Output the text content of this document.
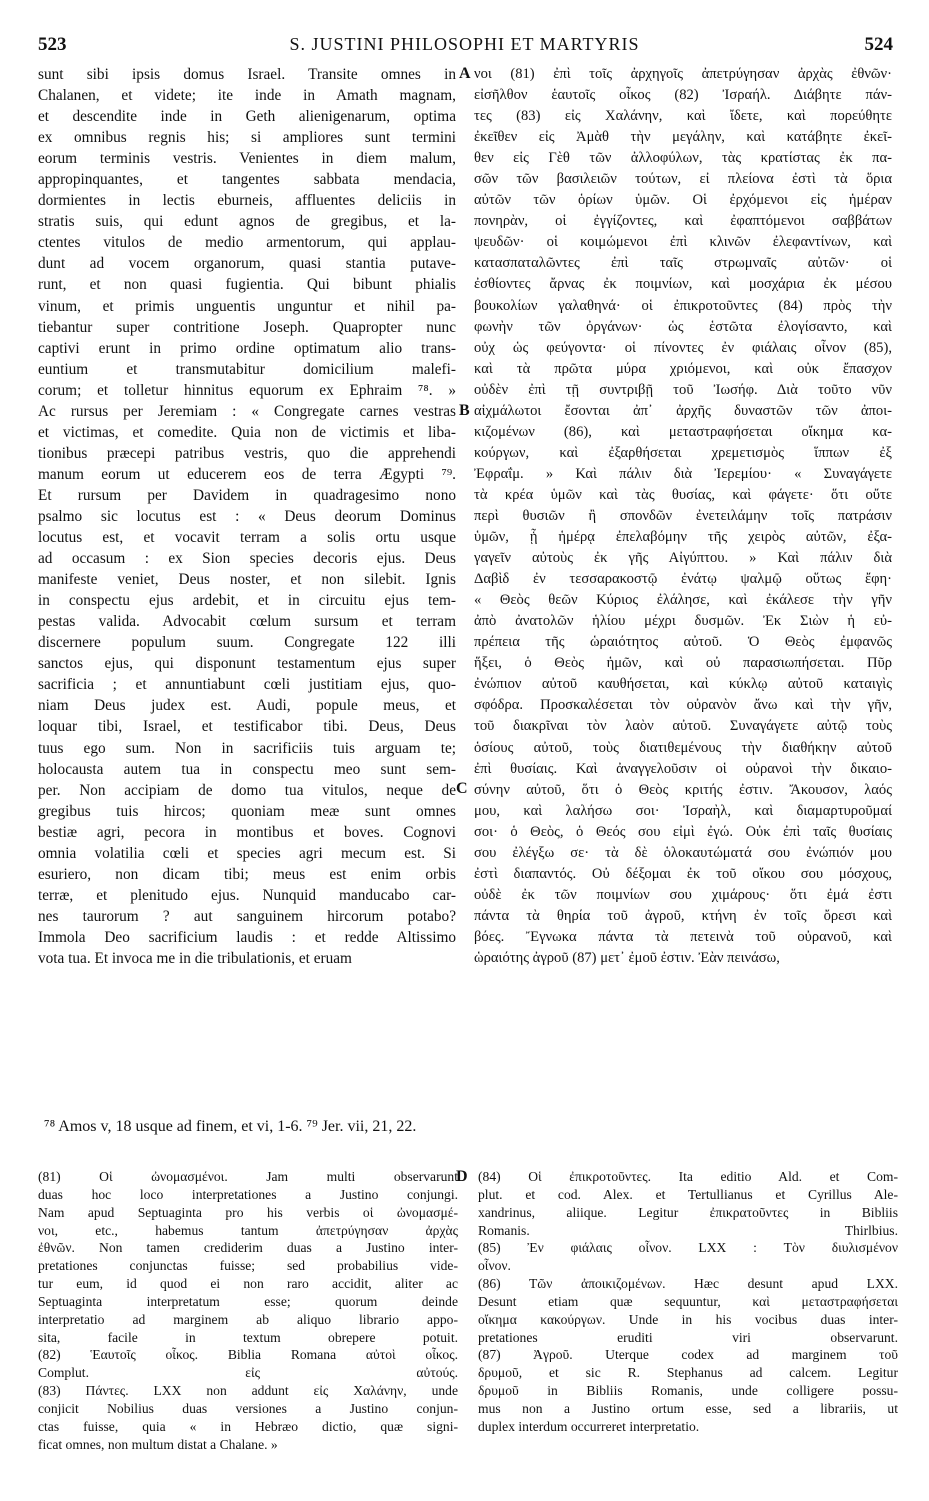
523	S. JUSTINI PHILOSOPHI ET MARTYRIS	524
sunt sibi ipsis domus Israel. Transite omnes in
Chalanen, et videte; ite inde in Amath magnam,
et descendite inde in Geth alienigenarum, optima
ex omnibus regnis his; si ampliores sunt termini
eorum terminis vestris. Venientes in diem malum,
appropinquantes, et tangentes sabbata mendacia,
dormientes in lectis eburneis, affluentes deliciis in
stratis suis, qui edunt agnos de gregibus, et la-
ctentes vitulos de medio armentorum, qui applau-
dunt ad vocem organorum, quasi stantia putave-
runt, et non quasi fugientia. Qui bibunt phialis
vinum, et primis unguentis unguntur et nihil pa-
tiebantur super contritione Joseph. Quapropter nunc
captivi erunt in primo ordine optimatum alio trans-
euntium et transmutabitur domicilium malefi-
corum; et tolletur hinnitus equorum ex Ephraim ⁷⁸. »
Ac rursus per Jeremiam : « Congregate carnes vestras
et victimas, et comedite. Quia non de victimis et liba-
tionibus præcepi patribus vestris, quo die apprehendi
manum eorum ut educerem eos de terra Ægypti ⁷⁹.
Et rursum per Davidem in quadragesimo nono
psalmo sic locutus est : « Deus deorum Dominus
locutus est, et vocavit terram a solis ortu usque
ad occasum : ex Sion species decoris ejus. Deus
manifeste veniet, Deus noster, et non silebit. Ignis
in conspectu ejus ardebit, et in circuitu ejus tem-
pestas valida. Advocabit cœlum sursum et terram
discernere populum suum. Congregate 122 illi
sanctos ejus, qui disponunt testamentum ejus super
sacrificia ; et annuntiabunt cœli justitiam ejus, quo-
niam Deus judex est. Audi, popule meus, et
loquar tibi, Israel, et testificabor tibi. Deus, Deus
tuus ego sum. Non in sacrificiis tuis arguam te;
holocausta autem tua in conspectu meo sunt sem-
per. Non accipiam de domo tua vitulos, neque de
gregibus tuis hircos; quoniam meæ sunt omnes
bestiæ agri, pecora in montibus et boves. Cognovi
omnia volatilia cœli et species agri mecum est. Si
esuriero, non dicam tibi; meus est enim orbis
terræ, et plenitudo ejus. Nunquid manducabo car-
nes taurorum ? aut sanguinem hircorum potabo?
Immola Deo sacrificium laudis : et redde Altissimo
vota tua. Et invoca me in die tribulationis, et eruam
νοι (81) ἐπὶ τοῖς ἀρχηγοῖς ἀπετρύγησαν ἀρχὰς ἐθνῶν·
εἰσῆλθον ἑαυτοῖς οἶκος (82) Ἰσραήλ. Διάβητε πάν-
τες (83) εἰς Χαλάνην, καὶ ἴδετε, καὶ πορεύθητε
ἐκεῖθεν εἰς Ἀμὰθ τὴν μεγάλην, καὶ κατάβητε ἐκεῖ-
θεν εἰς Γὲθ τῶν ἀλλοφύλων, τὰς κρατίστας ἐκ πα-
σῶν τῶν βασιλειῶν τούτων, εἰ πλείονα ἐστὶ τὰ ὅρια
αὐτῶν τῶν ὁρίων ὑμῶν. Οἱ ἐρχόμενοι εἰς ἡμέραν
πονηρὰν, οἱ ἐγγίζοντες, καὶ ἐφαπτόμενοι σαββάτων
ψευδῶν· οἱ κοιμώμενοι ἐπὶ κλινῶν ἐλεφαντίνων, καὶ
κατασπαταλῶντες ἐπὶ ταῖς στρωμναῖς αὐτῶν· οἱ
ἐσθίοντες ἄρνας ἐκ ποιμνίων, καὶ μοσχάρια ἐκ μέσου
βουκολίων γαλαθηνά· οἱ ἐπικροτοῦντες (84) πρὸς τὴν
φωνὴν τῶν ὀργάνων· ὡς ἑστῶτα ἐλογίσαντο, καὶ
οὐχ ὡς φεύγοντα· οἱ πίνοντες ἐν φιάλαις οἶνον (85),
καὶ τὰ πρῶτα μύρα χριόμενοι, καὶ οὐκ ἔπασχον
οὐδὲν ἐπὶ τῇ συντριβῇ τοῦ Ἰωσήφ. Διὰ τοῦτο νῦν
αἰχμάλωτοι ἔσονται ἀπ᾽ ἀρχῆς δυναστῶν τῶν ἀποι-
κιζομένων (86), καὶ μεταστραφήσεται οἴκημα κα-
κούργων, καὶ ἐξαρθήσεται χρεμετισμὸς ἵππων ἐξ
Ἐφραΐμ. » Καὶ πάλιν διὰ Ἰερεμίου· « Συναγάγετε
τὰ κρέα ὑμῶν καὶ τὰς θυσίας, καὶ φάγετε· ὅτι οὔτε
περὶ θυσιῶν ἢ σπονδῶν ἐνετειλάμην τοῖς πατράσιν
ὑμῶν, ᾗ ἡμέρᾳ ἐπελαβόμην τῆς χειρὸς αὐτῶν, ἐξα-
γαγεῖν αὐτοὺς ἐκ γῆς Αἰγύπτου. » Καὶ πάλιν διὰ
Δαβὶδ ἐν τεσσαρακοστῷ ἐνάτῳ ψαλμῷ οὕτως ἔφη·
« Θεὸς θεῶν Κύριος ἐλάλησε, καὶ ἐκάλεσε τὴν γῆν
ἀπὸ ἀνατολῶν ἡλίου μέχρι δυσμῶν. Ἐκ Σιὼν ἡ εὐ-
πρέπεια τῆς ὡραιότητος αὐτοῦ. Ὁ Θεὸς ἐμφανῶς
ἥξει, ὁ Θεὸς ἡμῶν, καὶ οὐ παρασιωπήσεται. Πῦρ
ἐνώπιον αὐτοῦ καυθήσεται, καὶ κύκλῳ αὐτοῦ καταιγὶς
σφόδρα. Προσκαλέσεται τὸν οὐρανὸν ἄνω καὶ τὴν γῆν,
τοῦ διακρῖναι τὸν λαὸν αὐτοῦ. Συναγάγετε αὐτῷ τοὺς
ὁσίους αὐτοῦ, τοὺς διατιθεμένους τὴν διαθήκην αὐτοῦ
ἐπὶ θυσίαις. Καὶ ἀναγγελοῦσιν οἱ οὐρανοὶ τὴν δικαιο-
σύνην αὐτοῦ, ὅτι ὁ Θεὸς κριτής ἐστιν. Ἄκουσον, λαός
μου, καὶ λαλήσω σοι· Ἰσραὴλ, καὶ διαμαρτυροῦμαί
σοι· ὁ Θεὸς, ὁ Θεός σου εἰμὶ ἐγώ. Οὐκ ἐπὶ ταῖς θυσίαις
σου ἐλέγξω σε· τὰ δὲ ὁλοκαυτώματά σου ἐνώπιόν μου
ἐστὶ διαπαντός. Οὐ δέξομαι ἐκ τοῦ οἴκου σου μόσχους,
οὐδὲ ἐκ τῶν ποιμνίων σου χιμάρους· ὅτι ἐμά ἐστι
πάντα τὰ θηρία τοῦ ἀγροῦ, κτήνη ἐν τοῖς ὄρεσι καὶ
βόες. Ἔγνωκα πάντα τὰ πετεινὰ τοῦ οὐρανοῦ, καὶ
ὡραιότης ἀγροῦ (87) μετ᾽ ἐμοῦ ἐστιν. Ἐὰν πεινάσω,
A
B
C
D
⁷⁸ Amos v, 18 usque ad finem, et vi, 1-6. ⁷⁹ Jer. vii, 21, 22.
(81) Οἱ ὠνομασμένοι. Jam multi observarunt
duas hoc loco interpretationes a Justino conjungi.
Nam apud Septuaginta pro his verbis οἱ ὠνομασμέ-
νοι, etc., habemus tantum ἀπετρύγησαν ἀρχὰς
ἐθνῶν. Non tamen crediderim duas a Justino inter-
pretationes conjunctas fuisse; sed probabilius vide-
tur eum, id quod ei non raro accidit, aliter ac
Septuaginta interpretatum esse; quorum deinde
interpretatio ad marginem ab aliquo librario appo-
sita, facile in textum obrepere potuit.
(82) Ἑαυτοῖς οἶκος. Biblia Romana αὐτοὶ οἶκος.
Complut. εἰς αὐτούς.
(83) Πάντες. LXX non addunt εἰς Χαλάνην, unde
conjicit Nobilius duas versiones a Justino conjun-
ctas fuisse, quia « in Hebræo dictio, quæ signi-
ficat omnes, non multum distat a Chalane. »
(84) Οἱ ἐπικροτοῦντες. Ita editio Ald. et Com-
plut. et cod. Alex. et Tertullianus et Cyrillus Ale-
xandrinus, aliique. Legitur ἐπικρατοῦντες in Bibliis
Romanis. Thirlbius.
(85) Ἐν φιάλαις οἶνον. LXX : Τὸν διυλισμένον
οἶνον.
(86) Τῶν ἀποικιζομένων. Hæc desunt apud LXX.
Desunt etiam quæ sequuntur, καὶ μεταστραφήσεται
οἴκημα κακούργων. Unde in his vocibus duas inter-
pretationes eruditi viri observarunt.
(87) Ἀγροῦ. Uterque codex ad marginem τοῦ
δρυμοῦ, et sic R. Stephanus ad calcem. Legitur
δρυμοῦ in Bibliis Romanis, unde colligere possu-
mus non a Justino ortum esse, sed a librariis, ut
duplex interdum occurreret interpretatio.
